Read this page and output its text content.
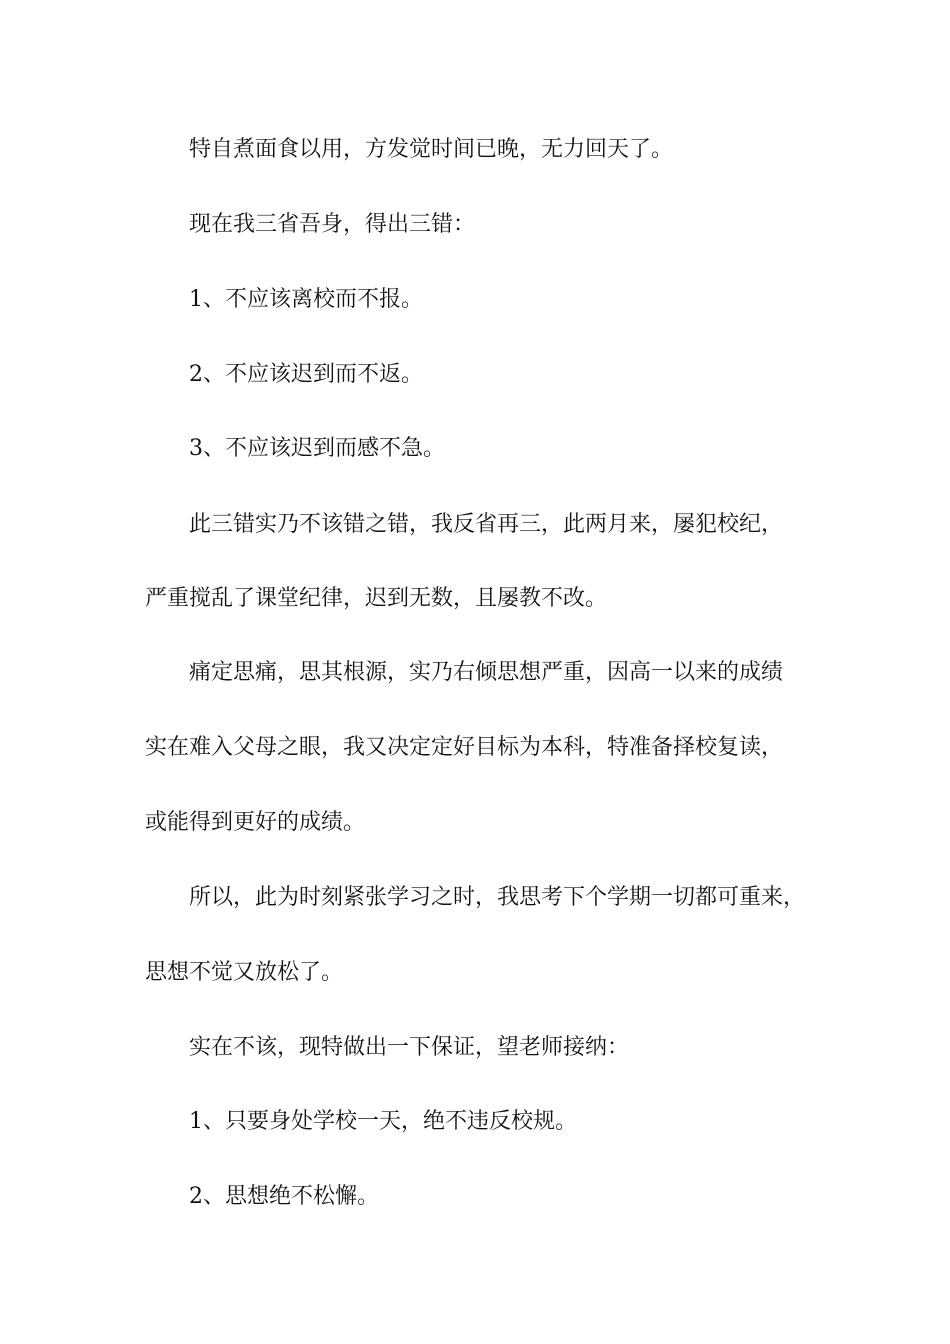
特自煮面食以用，方发觉时间已晚，无力回天了。
现在我三省吾身，得出三错：
1、不应该离校而不报。
2、不应该迟到而不返。
3、不应该迟到而感不急。
此三错实乃不该错之错，我反省再三，此两月来，屡犯校纪，
严重搅乱了课堂纪律，迟到无数，且屡教不改。
痛定思痛，思其根源，实乃右倾思想严重，因高一以来的成绩
实在难入父母之眼，我又决定定好目标为本科，特准备择校复读，
或能得到更好的成绩。
所以，此为时刻紧张学习之时，我思考下个学期一切都可重来，
思想不觉又放松了。
实在不该，现特做出一下保证，望老师接纳：
1、只要身处学校一天，绝不违反校规。
2、思想绝不松懈。
